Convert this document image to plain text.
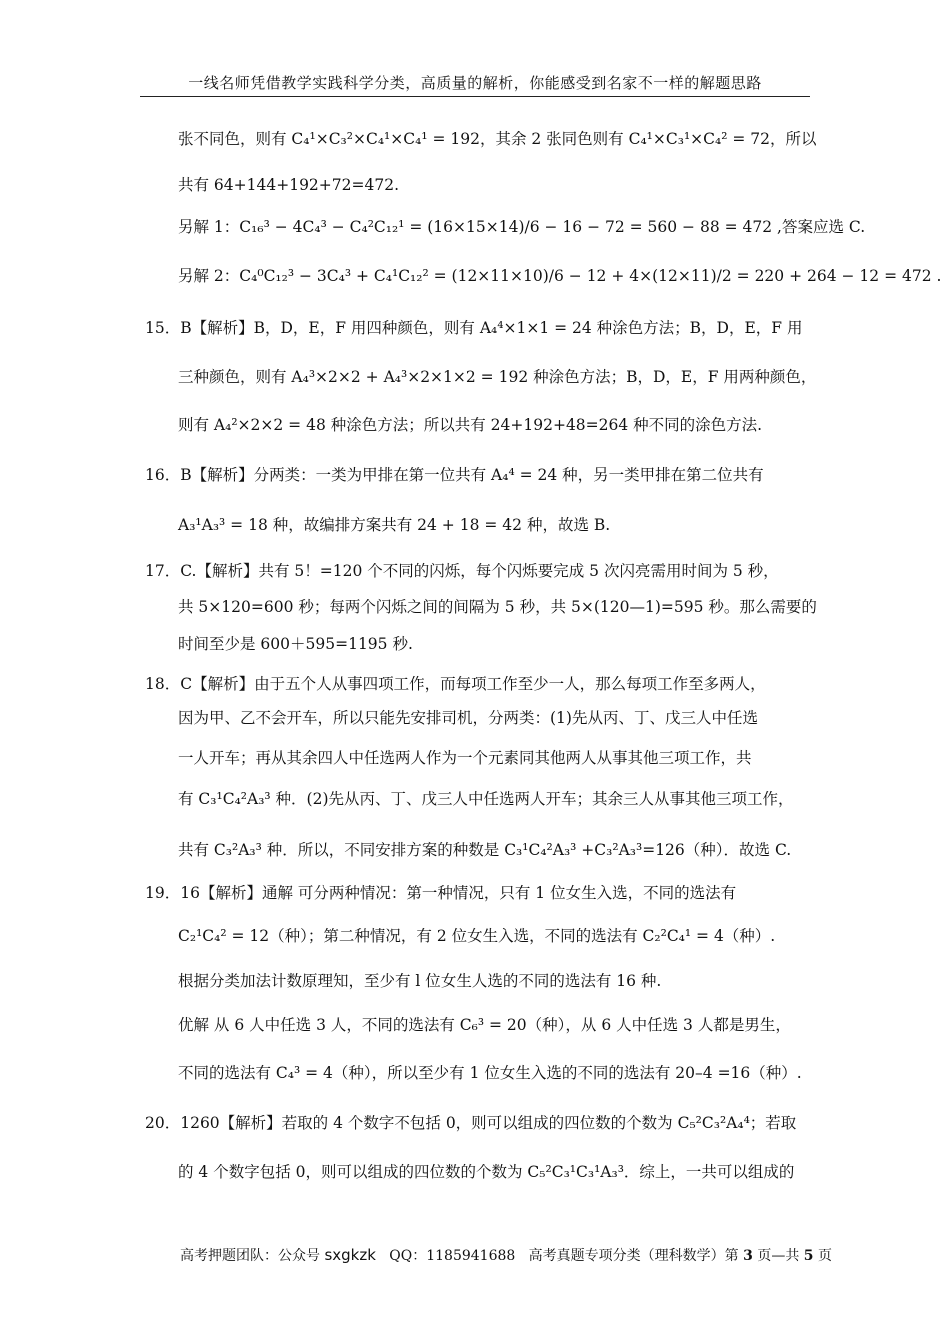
一线名师凭借教学实践科学分类，高质量的解析，你能感受到名家不一样的解题思路
张不同色，则有 C₄¹×C₃²×C₄¹×C₄¹ = 192，其余 2 张同色则有 C₄¹×C₃¹×C₄² = 72，所以
共有 64+144+192+72=472.
另解 1：C₁₆³ − 4C₄³ − C₄²C₁₂¹ = (16×15×14)/6 − 16 − 72 = 560 − 88 = 472 ,答案应选 C.
另解 2：C₄⁰C₁₂³ − 3C₄³ + C₄¹C₁₂² = (12×11×10)/6 − 12 + 4×(12×11)/2 = 220 + 264 − 12 = 472 .
15．B【解析】B，D，E，F 用四种颜色，则有 A₄⁴×1×1 = 24 种涂色方法；B，D，E，F 用
三种颜色，则有 A₄³×2×2 + A₄³×2×1×2 = 192 种涂色方法；B，D，E，F 用两种颜色，
则有 A₄²×2×2 = 48 种涂色方法；所以共有 24+192+48=264 种不同的涂色方法.
16．B【解析】分两类：一类为甲排在第一位共有 A₄⁴ = 24 种，另一类甲排在第二位共有
A₃¹A₃³ = 18 种，故编排方案共有 24 + 18 = 42 种，故选 B.
17．C.【解析】共有 5！=120 个不同的闪烁，每个闪烁要完成 5 次闪亮需用时间为 5 秒，
共 5×120=600 秒；每两个闪烁之间的间隔为 5 秒，共 5×(120—1)=595 秒。那么需要的
时间至少是 600＋595=1195 秒.
18．C【解析】由于五个人从事四项工作，而每项工作至少一人，那么每项工作至多两人，
因为甲、乙不会开车，所以只能先安排司机，分两类：(1)先从丙、丁、戊三人中任选
一人开车；再从其余四人中任选两人作为一个元素同其他两人从事其他三项工作，共
有 C₃¹C₄²A₃³ 种．(2)先从丙、丁、戊三人中任选两人开车；其余三人从事其他三项工作，
共有 C₃²A₃³ 种．所以，不同安排方案的种数是 C₃¹C₄²A₃³ +C₃²A₃³=126（种）．故选 C.
19．16【解析】通解 可分两种情况：第一种情况，只有 1 位女生入选，不同的选法有
C₂¹C₄² = 12（种）；第二种情况，有 2 位女生入选，不同的选法有 C₂²C₄¹ = 4（种）.
根据分类加法计数原理知，至少有 l 位女生人选的不同的选法有 16 种.
优解 从 6 人中任选 3 人，不同的选法有 C₆³ = 20（种），从 6 人中任选 3 人都是男生，
不同的选法有 C₄³ = 4（种），所以至少有 1 位女生入选的不同的选法有 20–4 =16（种）.
20．1260【解析】若取的 4 个数字不包括 0，则可以组成的四位数的个数为 C₅²C₃²A₄⁴；若取
的 4 个数字包括 0，则可以组成的四位数的个数为 C₅²C₃¹C₃¹A₃³．综上，一共可以组成的
高考押题团队：公众号 sxgkzk QQ：1185941688 高考真题专项分类（理科数学）第 3 页—共 5 页
